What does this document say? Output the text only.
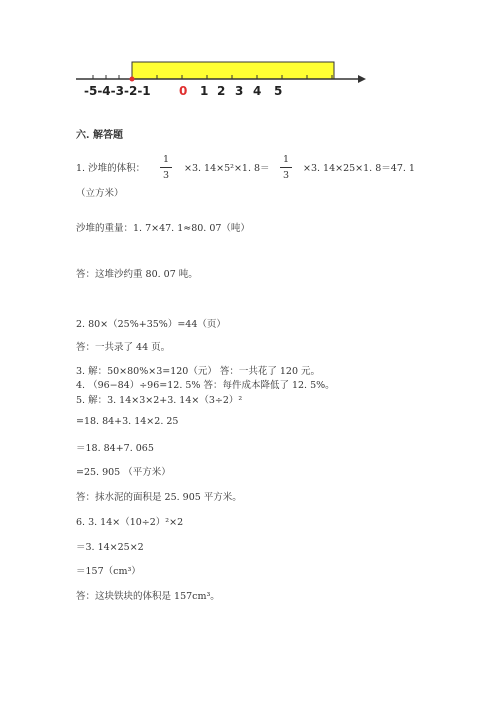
-5-4-3-2-1 0 1 2 3 4 5
六. 解答题
1. 沙堆的体积：
1
3
×3. 14×5²×1. 8＝
1
3
×3. 14×25×1. 8＝47. 1
（立方米）
沙堆的重量：1. 7×47. 1≈80. 07（吨）
答：这堆沙约重 80. 07 吨。
2. 80×（25%+35%）=44（页）
答：一共录了 44 页。
3. 解：50×80%×3=120（元） 答：一共花了 120 元。
4. （96−84）÷96=12. 5% 答：每件成本降低了 12. 5%。
5. 解：3. 14×3×2+3. 14×（3÷2）²
=18. 84+3. 14×2. 25
＝18. 84+7. 065
=25. 905 （平方米）
答：抹水泥的面积是 25. 905 平方米。
6. 3. 14×（10÷2）²×2
＝3. 14×25×2
＝157（cm³）
答：这块铁块的体积是 157cm³。
